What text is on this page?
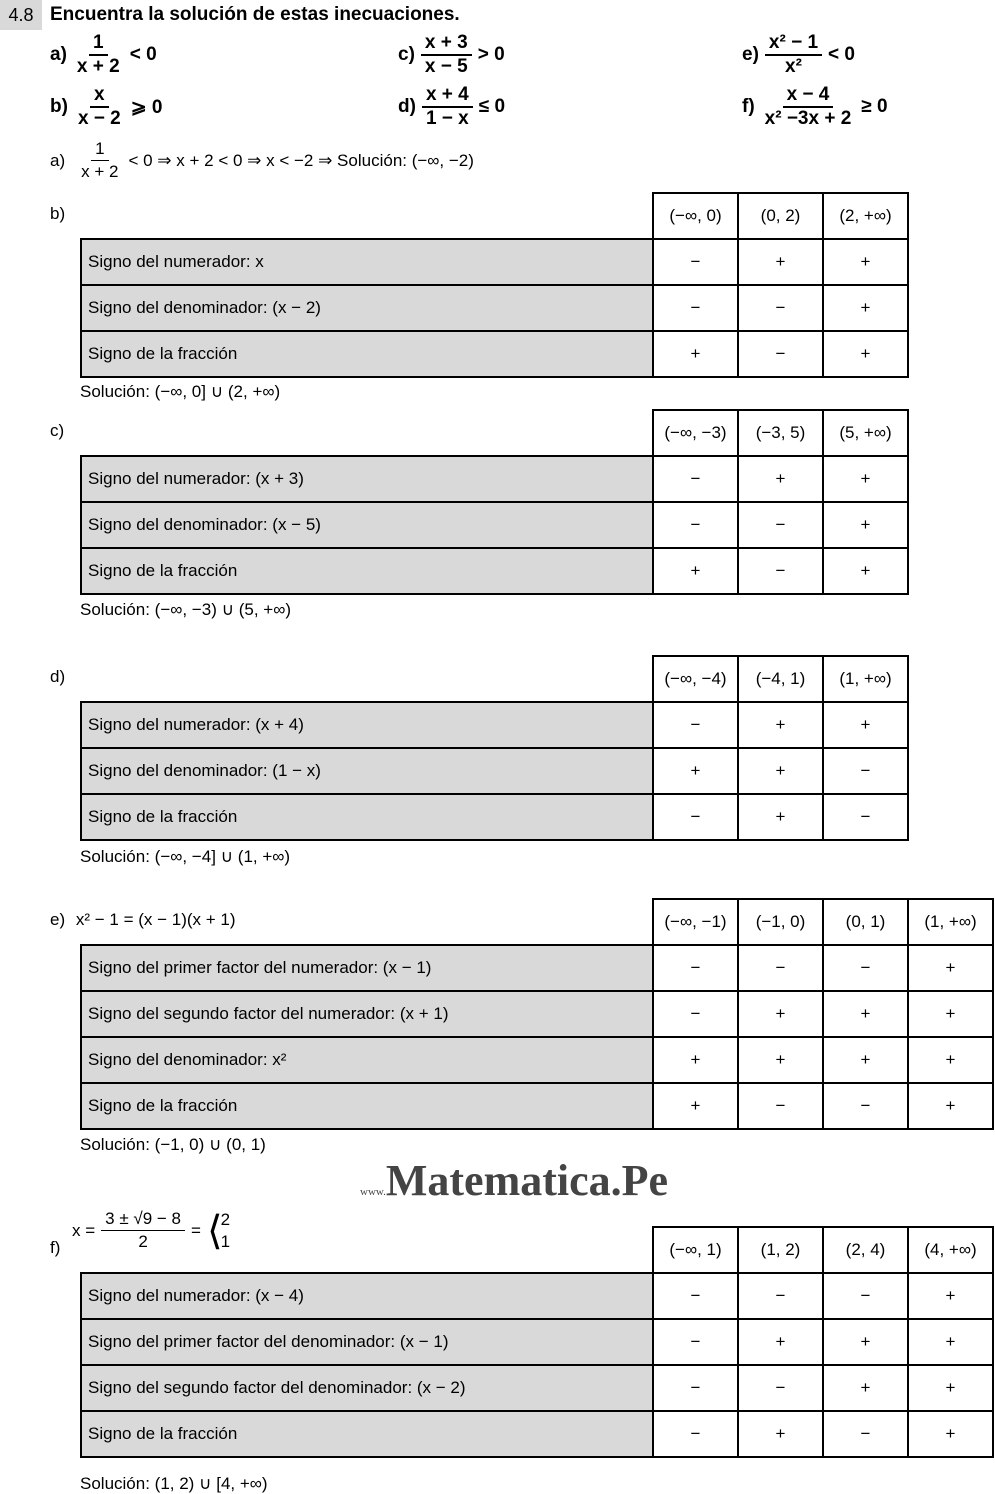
4.8 Encuentra la solución de estas inecuaciones.
$a) \frac{1}{x + 2} < 0$
$b) \frac{x}{x - 2}$ ⩾ 0
$c) \frac{x + 3}{x - 5} > 0$
$d) \frac{x + 4}{1 - x} \le 0$
$e) \frac{\text{x² − 1}}{\text{x²}} < 0$
$f) \frac{x - 4}{\text{x² −3x + 2}} \ge 0$
$a) \frac{1}{x + 2} < 0$ ⇒ x + 2 < 0 ⇒ x < −2 ⇒ Solución: (−∞, −2)
b)
		(−∞, 0)	(0, 2)	(2, +∞)
Signo del numerador: x	−	+	+
Signo del denominador: (x − 2)	−	−	+
Signo de la fracción	+	−	+
Solución: (−∞, 0] ∪ (2, +∞)
c)
		(−∞, −3)	(−3, 5)	(5, +∞)
Signo del numerador: (x + 3)	−	+	+
Signo del denominador: (x − 5)	−	−	+
Signo de la fracción	+	−	+
Solución: (−∞, −3) ∪ (5, +∞)
d)
		(−∞, −4)	(−4, 1)	(1, +∞)
Signo del numerador: (x + 4)	−	+	+
Signo del denominador: (1 − x)	+	+	−
Signo de la fracción	−	+	−
Solución: (−∞, −4] ∪ (1, +∞)
e) x² − 1 = (x − 1)(x + 1)
		(−∞, −1)	(−1, 0)	(0, 1)	(1, +∞)
Signo del primer factor del numerador: (x − 1)	−	−	−	+
Signo del segundo factor del numerador: (x + 1)	−	+	+	+
Signo del denominador: x²	+	+	+	+
Signo de la fracción	+	−	−	+
Solución: (−1, 0) ∪ (0, 1)
f)
		(−∞, 1)	(1, 2)	(2, 4)	(4, +∞)
Signo del numerador: (x − 4)	−	−	−	+
Signo del primer factor del denominador: (x − 1)	−	+	+	+
Signo del segundo factor del denominador: (x − 2)	−	−	+	+
Signo de la fracción	−	+	−	+
Solución: (1, 2) ∪ [4, +∞)
$x = \frac{3 \pm √9 - 8}{2}$ = ⟨
2
1
www.Matematica.Pe
